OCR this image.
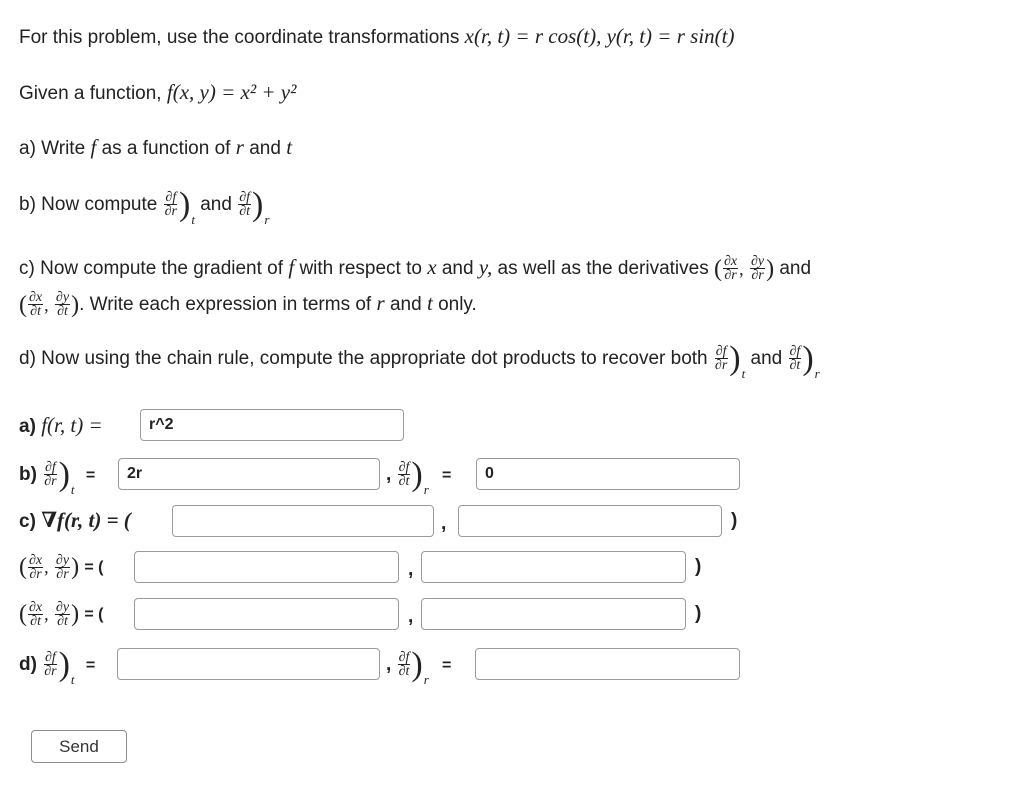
For this problem, use the coordinate transformations x(r, t) = r cos(t), y(r, t) = r sin(t)
Given a function, f(x, y) = x² + y²
a) Write f as a function of r and t
b) Now compute $\frac{\partial f}{\partial r} )_t$ and $\frac{\partial f}{\partial t} )_r$
c) Now compute the gradient of f with respect to x and y, as well as the derivatives ( $\frac{\partial x}{\partial r}$ , $\frac{\partial y}{\partial r}$ ) and
( $\frac{\partial x}{\partial t}$ , $\frac{\partial y}{\partial t}$ ). Write each expression in terms of r and t only.
d) Now using the chain rule, compute the appropriate dot products to recover both $\frac{\partial f}{\partial r} )_t$ and $\frac{\partial f}{\partial t} )_r$
a) f(r, t) =
r^2
$b) \frac{\partial f}{\partial r} )_t$ =
2r	, $\frac{\partial f}{\partial t} )_r$ =
0
c) ∇f(r, t) = (	,	)
( $\frac{\partial x}{\partial r}$ , $\frac{\partial y}{\partial r}$ ) = (	,	)
( $\frac{\partial x}{\partial t}$ , $\frac{\partial y}{\partial t}$ ) = (	,	)
$d) \frac{\partial f}{\partial r} )_t$ =	, $\frac{\partial f}{\partial t} )_r$ =
Send
